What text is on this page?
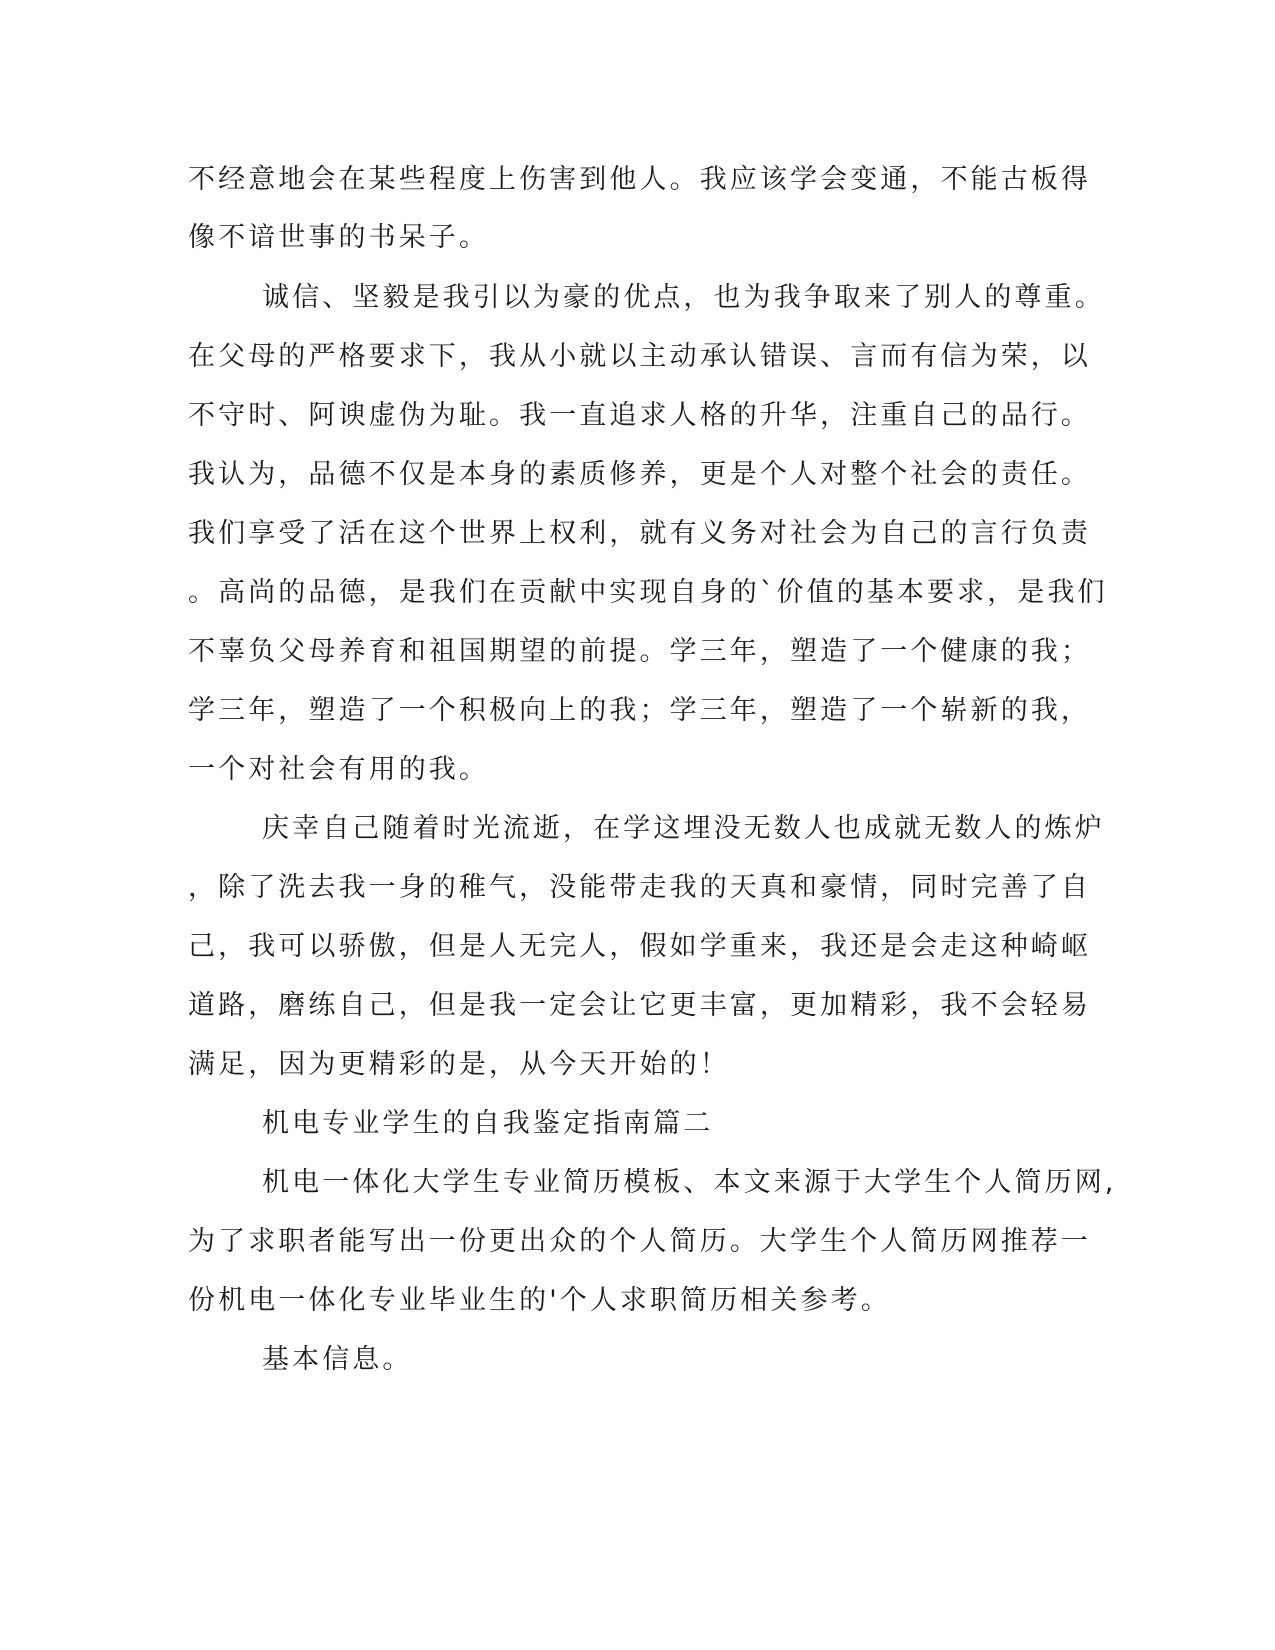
不经意地会在某些程度上伤害到他人。我应该学会变通，不能古板得
像不谙世事的书呆子。
诚信、坚毅是我引以为豪的优点，也为我争取来了别人的尊重。
在父母的严格要求下，我从小就以主动承认错误、言而有信为荣，以
不守时、阿谀虚伪为耻。我一直追求人格的升华，注重自己的品行。
我认为，品德不仅是本身的素质修养，更是个人对整个社会的责任。
我们享受了活在这个世界上权利，就有义务对社会为自己的言行负责
。高尚的品德，是我们在贡献中实现自身的`价值的基本要求，是我们
不辜负父母养育和祖国期望的前提。学三年，塑造了一个健康的我；
学三年，塑造了一个积极向上的我；学三年，塑造了一个崭新的我，
一个对社会有用的我。
庆幸自己随着时光流逝，在学这埋没无数人也成就无数人的炼炉
，除了洗去我一身的稚气，没能带走我的天真和豪情，同时完善了自
己，我可以骄傲，但是人无完人，假如学重来，我还是会走这种崎岖
道路，磨练自己，但是我一定会让它更丰富，更加精彩，我不会轻易
满足，因为更精彩的是，从今天开始的！
机电专业学生的自我鉴定指南篇二
机电一体化大学生专业简历模板、本文来源于大学生个人简历网,
为了求职者能写出一份更出众的个人简历。大学生个人简历网推荐一
份机电一体化专业毕业生的'个人求职简历相关参考。
基本信息。
